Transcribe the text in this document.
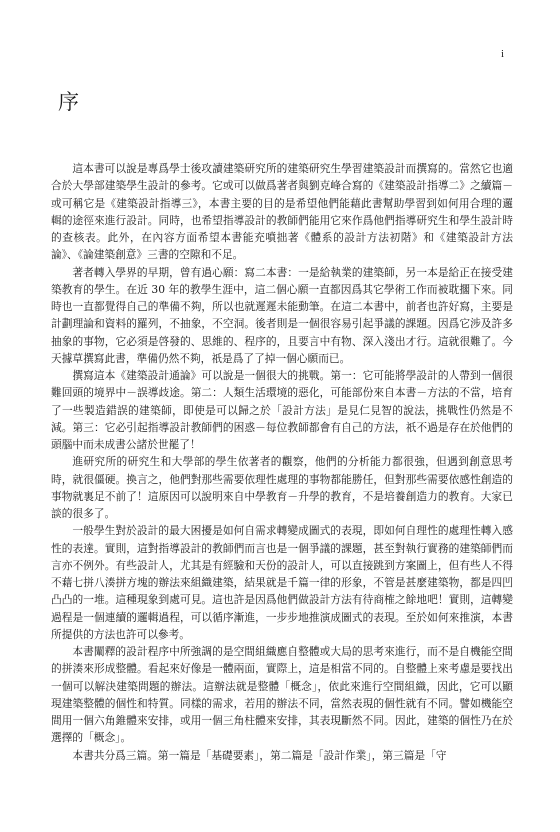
i
序

這本書可以說是專爲學士後攻讀建築研究所的建築研究生學習建築設計而撰寫的。當然它也適合於大學部建築學生設計的參考。它或可以做爲著者與劉克峰合寫的《建築設計指導二》之續篇－或可稱它是《建築設計指導三》，本書主要的目的是希望他們能藉此書幫助學習到如何用合理的邏輯的途徑來進行設計。同時，也希望指導設計的教師們能用它來作爲他們指導研究生和學生設計時的查核表。此外，在內容方面希望本書能充噴拙著《體系的設計方法初階》和《建築設計方法論》、《論建築創意》三書的空隙和不足。

著者轉入學界的早期，曾有過心願：寫二本書：一是給執業的建築師，另一本是給正在接受建築教育的學生。在近 30 年的教學生涯中，這二個心願一直都因爲其它學術工作而被耽擱下來。同時也一直都覺得自己的準備不夠，所以也就遲遲未能動筆。在這二本書中，前者也許好寫，主要是計劃理論和資料的羅列，不抽象，不空洞。後者則是一個很容易引起爭議的課題。因爲它涉及許多抽象的事物，它必須是啓發的、思維的、程序的，且要言中有物、深入淺出才行。這就很難了。今天據草撰寫此書，準備仍然不夠，祇是爲了了掉一個心願而已。

撰寫這本《建築設計通論》可以說是一個很大的挑戰。第一：它可能將學設計的人帶到一個很難回頭的境界中－誤導歧途。第二：人類生活環境的惡化，可能部份來自本書－方法的不當，培育了一些製造錯誤的建築師，即使是可以歸之於「設計方法」是見仁見智的說法，挑戰性仍然是不減。第三：它必引起指導設計教師們的困惑－每位教師都會有自己的方法，祇不過是存在於他們的頭腦中而未成書公諸於世罷了！

進研究所的研究生和大學部的學生依著者的觀察，他們的分析能力都很強，但遇到創意思考時，就很僵硬。換言之，他們對那些需要依理性處理的事物都能勝任，但對那些需要依感性創造的事物就裏足不前了！這原因可以說明來自中學教育－升學的教育，不是培養創造力的教育。大家已談的很多了。

一般學生對於設計的最大困擾是如何自需求轉變成圖式的表現，即如何自理性的處理性轉入感性的表達。實則，這對指導設計的教師們而言也是一個爭議的課題，甚至對執行實務的建築師們而言亦不例外。有些設計人，尤其是有經驗和天份的設計人，可以直接跳到方案圖上，但有些人不得不藉七拼八湊拼方塊的辦法來組織建築，結果就是千篇一律的形象，不管是甚麼建築物，都是四凹凸凸的一堆。這種現象到處可見。這也許是因爲他們做設計方法有待商榷之餘地吧！實則，這轉變過程是一個連續的邏輯過程，可以循序漸進，一步步地推演成圖式的表現。至於如何來推演，本書所提供的方法也許可以參考。

本書闡釋的設計程序中所強調的是空間組織應自整體或大局的思考來進行，而不是自機能空間的拼湊來形成整體。看起來好像是一體兩面，實際上，這是相當不同的。自整體上來考慮是要找出一個可以解決建築問題的辦法。這辦法就是整體「概念」，依此來進行空間組織，因此，它可以顯現建築整體的個性和特質。同樣的需求，若用的辦法不同，當然表現的個性就有不同。譬如機能空間用一個六角錐體來安排，或用一個三角柱體來安排，其表現斷然不同。因此，建築的個性乃在於選擇的「概念」。

本書共分爲三篇。第一篇是「基礎要素」，第二篇是「設計作業」，第三篇是「守
